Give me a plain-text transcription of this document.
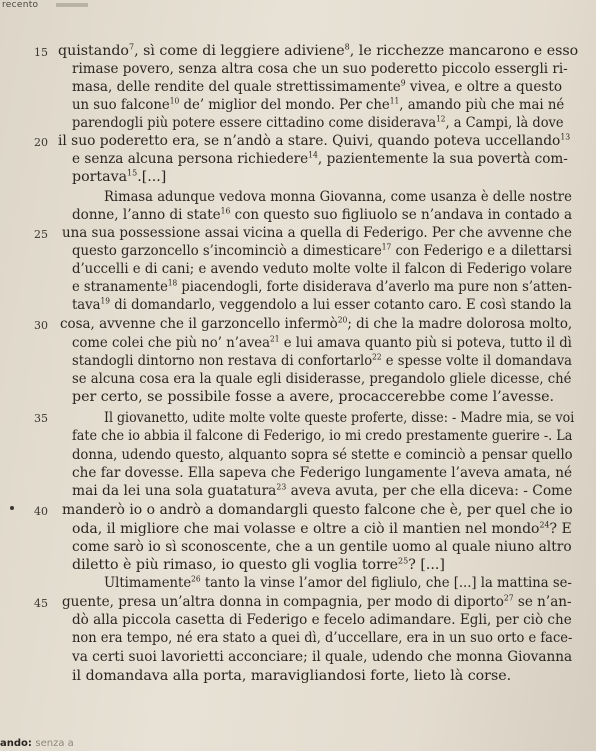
recento
quistando$^7$, sì come di leggiere adiviene$^8$, le ricchezze mancarono e esso
rimase povero, senza altra cosa che un suo poderetto piccolo essergli ri-
masa, delle rendite del quale strettissimamente$^9$ vivea, e oltre a questo
un suo falcone$^{10}$ de’ miglior del mondo. Per che$^{11}$, amando più che mai né
parendogli più potere essere cittadino come disiderava$^{12}$, a Campi, là dove
il suo poderetto era, se n’andò a stare. Quivi, quando poteva uccellando$^{13}$
e senza alcuna persona richiedere$^{14}$, pazientemente la sua povertà com-
portava$^{15}$.[...]
Rimasa adunque vedova monna Giovanna, come usanza è delle nostre
donne, l’anno di state$^{16}$ con questo suo figliuolo se n’andava in contado a
una sua possessione assai vicina a quella di Federigo. Per che avvenne che
questo garzoncello s’incominciò a dimesticare$^{17}$ con Federigo e a dilettarsi
d’uccelli e di cani; e avendo veduto molte volte il falcon di Federigo volare
e stranamente$^{18}$ piacendogli, forte disiderava d’averlo ma pure non s’atten-
tava$^{19}$ di domandarlo, veggendolo a lui esser cotanto caro. E così stando la
cosa, avvenne che il garzoncello infermò$^{20}$; di che la madre dolorosa molto,
come colei che più no’ n’avea$^{21}$ e lui amava quanto più si poteva, tutto il dì
standogli dintorno non restava di confortarlo$^{22}$ e spesse volte il domandava
se alcuna cosa era la quale egli disiderasse, pregandolo gliele dicesse, ché
per certo, se possibile fosse a avere, procaccerebbe come l’avesse.
Il giovanetto, udite molte volte queste proferte, disse: - Madre mia, se voi
fate che io abbia il falcone di Federigo, io mi credo prestamente guerire -. La
donna, udendo questo, alquanto sopra sé stette e cominciò a pensar quello
che far dovesse. Ella sapeva che Federigo lungamente l’aveva amata, né
mai da lei una sola guatatura$^{23}$ aveva avuta, per che ella diceva: - Come
manderò io o andrò a domandargli questo falcone che è, per quel che io
oda, il migliore che mai volasse e oltre a ciò il mantien nel mondo$^{24}$? E
come sarò io sì sconoscente, che a un gentile uomo al quale niuno altro
diletto è più rimaso, io questo gli voglia torre$^{25}$? [...]
Ultimamente$^{26}$ tanto la vinse l’amor del figliulo, che [...] la mattina se-
guente, presa un’altra donna in compagnia, per modo di diporto$^{27}$ se n’an-
dò alla piccola casetta di Federigo e fecelo adimandare. Egli, per ciò che
non era tempo, né era stato a quei dì, d’uccellare, era in un suo orto e face-
va certi suoi lavorietti acconciare; il quale, udendo che monna Giovanna
il domandava alla porta, maravigliandosi forte, lieto là corse.
15
20
25
30
35
40
45
ando: senza a
